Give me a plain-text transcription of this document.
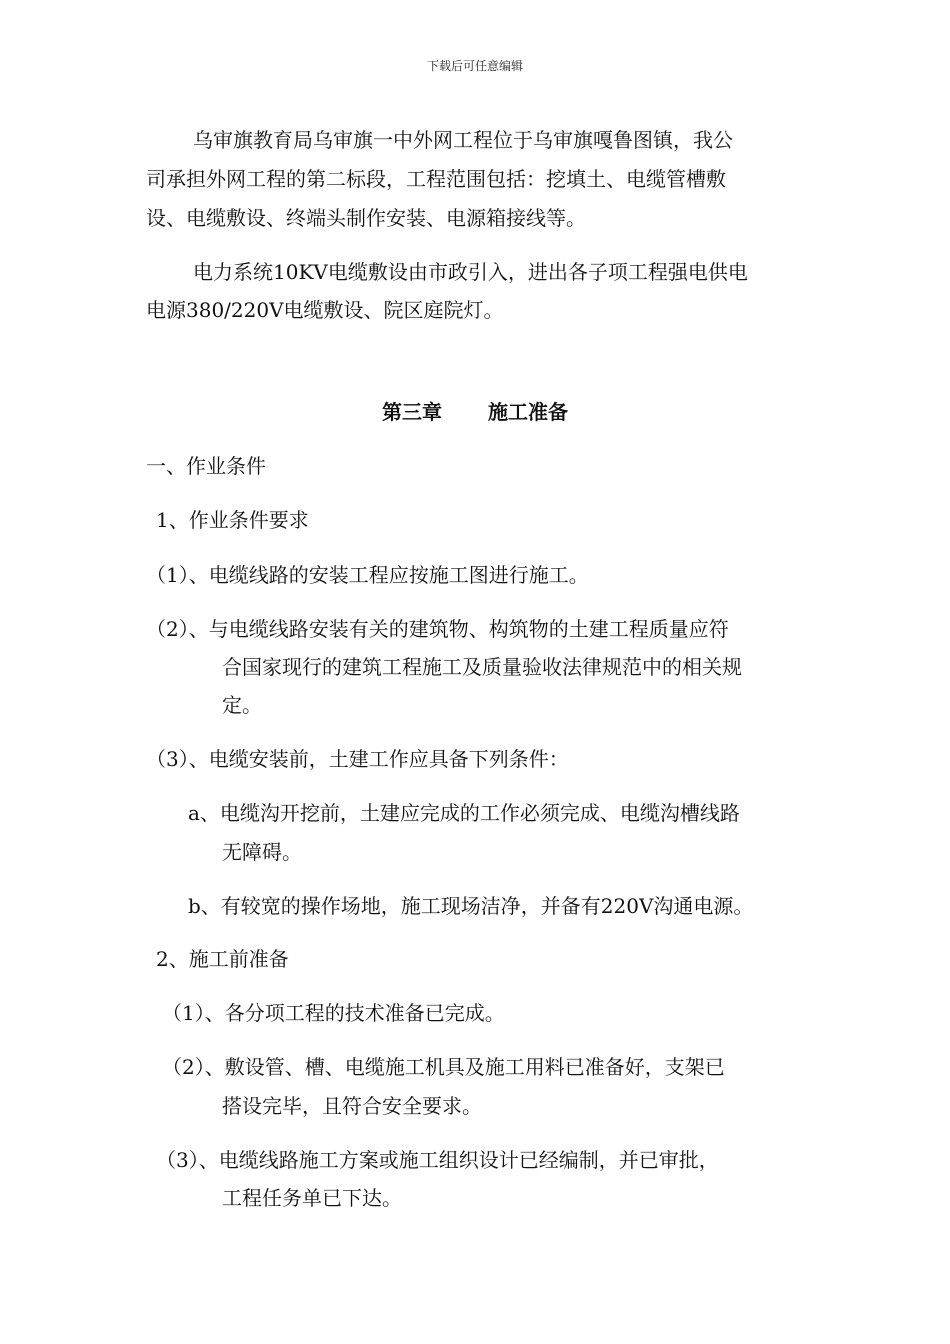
下载后可任意编辑
乌审旗教育局乌审旗一中外网工程位于乌审旗嘎鲁图镇，我公
司承担外网工程的第二标段，工程范围包括：挖填土、电缆管槽敷
设、电缆敷设、终端头制作安装、电源箱接线等。
电力系统10KV电缆敷设由市政引入，进出各子项工程强电供电
电源380/220V电缆敷设、院区庭院灯。
第三章 施工准备
一、作业条件
1、作业条件要求
（1）、电缆线路的安装工程应按施工图进行施工。
（2）、与电缆线路安装有关的建筑物、构筑物的土建工程质量应符
合国家现行的建筑工程施工及质量验收法律规范中的相关规
定。
（3）、电缆安装前，土建工作应具备下列条件：
a、电缆沟开挖前，土建应完成的工作必须完成、电缆沟槽线路
无障碍。
b、有较宽的操作场地，施工现场洁净，并备有220V沟通电源。
2、施工前准备
（1）、各分项工程的技术准备已完成。
（2）、敷设管、槽、电缆施工机具及施工用料已准备好，支架已
搭设完毕，且符合安全要求。
（3）、电缆线路施工方案或施工组织设计已经编制，并已审批，
工程任务单已下达。
